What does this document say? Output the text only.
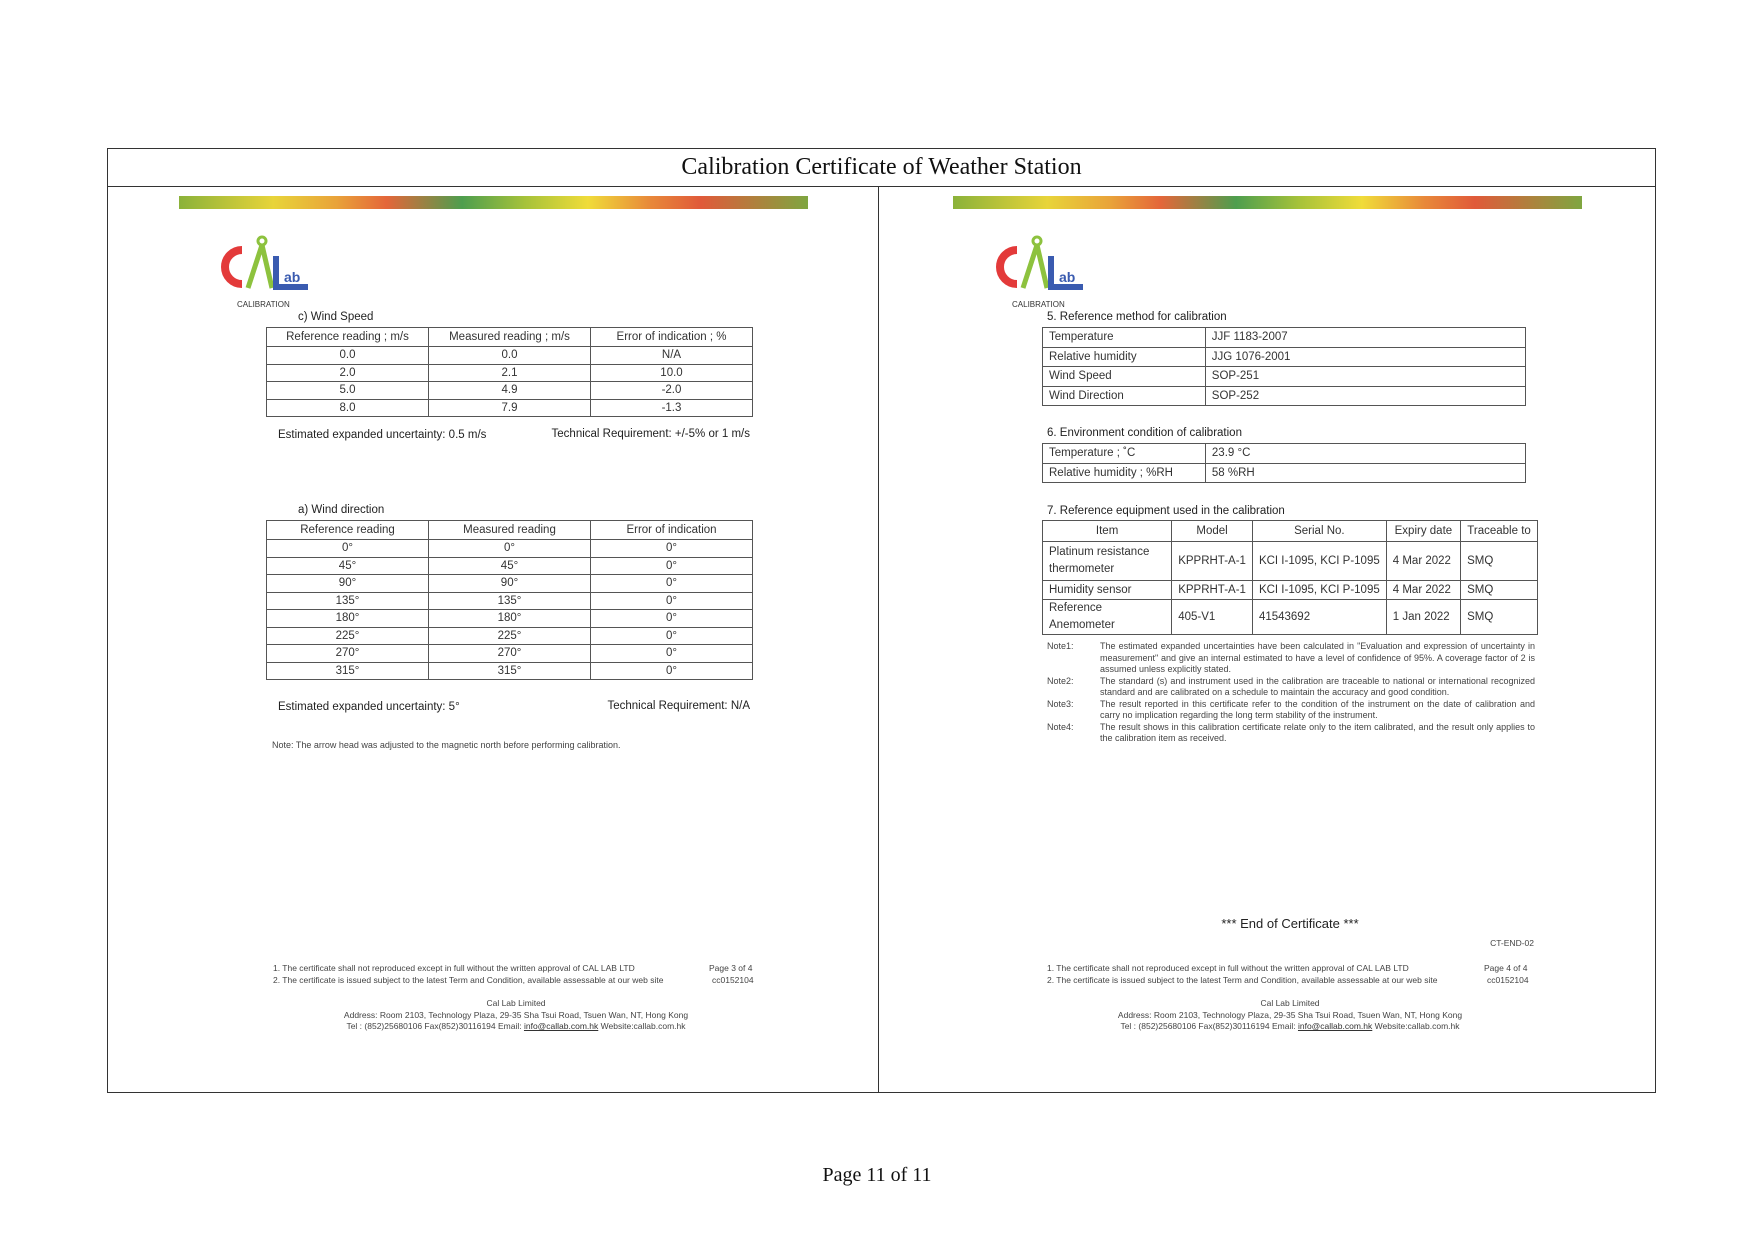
Calibration Certificate of Weather Station
ab
CALIBRATION
c) Wind Speed
Reference reading ; m/s	Measured reading ; m/s	Error of indication ; %
0.0	0.0	N/A
2.0	2.1	10.0
5.0	4.9	-2.0
8.0	7.9	-1.3
Estimated expanded uncertainty: 0.5 m/s	Technical Requirement: +/-5% or 1 m/s
a) Wind direction
Reference reading	Measured reading	Error of indication
0°	0°	0°
45°	45°	0°
90°	90°	0°
135°	135°	0°
180°	180°	0°
225°	225°	0°
270°	270°	0°
315°	315°	0°
Estimated expanded uncertainty: 5°	Technical Requirement: N/A
Note: The arrow head was adjusted to the magnetic north before performing calibration.
1. The certificate shall not reproduced except in full without the written approval of CAL LAB LTD
2. The certificate is issued subject to the latest Term and Condition, available assessable at our web site
Page 3 of 4
cc0152104
Cal Lab Limited
Address: Room 2103, Technology Plaza, 29-35 Sha Tsui Road, Tsuen Wan, NT, Hong Kong
Tel : (852)25680106 Fax(852)30116194 Email: info@callab.com.hk Website:callab.com.hk
ab
CALIBRATION
5. Reference method for calibration
Temperature	JJF 1183-2007
Relative humidity	JJG 1076-2001
Wind Speed	SOP-251
Wind Direction	SOP-252
6. Environment condition of calibration
Temperature ; ˚C	23.9 °C
Relative humidity ; %RH	58 %RH
7. Reference equipment used in the calibration
Item	Model	Serial No.	Expiry date	Traceable to
Platinum resistance thermometer	KPPRHT-A-1	KCI I-1095, KCI P-1095	4 Mar 2022	SMQ
Humidity sensor	KPPRHT-A-1	KCI I-1095, KCI P-1095	4 Mar 2022	SMQ
Reference Anemometer	405-V1	41543692	1 Jan 2022	SMQ
Note1:	The estimated expanded uncertainties have been calculated in "Evaluation and expression of uncertainty in measurement" and give an internal estimated to have a level of confidence of 95%. A coverage factor of 2 is assumed unless explicitly stated.
Note2:	The standard (s) and instrument used in the calibration are traceable to national or international recognized standard and are calibrated on a schedule to maintain the accuracy and good condition.
Note3:	The result reported in this certificate refer to the condition of the instrument on the date of calibration and carry no implication regarding the long term stability of the instrument.
Note4:	The result shows in this calibration certificate relate only to the item calibrated, and the result only applies to the calibration item as received.
*** End of Certificate ***
CT-END-02
1. The certificate shall not reproduced except in full without the written approval of CAL LAB LTD
2. The certificate is issued subject to the latest Term and Condition, available assessable at our web site
Page 4 of 4
cc0152104
Cal Lab Limited
Address: Room 2103, Technology Plaza, 29-35 Sha Tsui Road, Tsuen Wan, NT, Hong Kong
Tel : (852)25680106 Fax(852)30116194 Email: info@callab.com.hk Website:callab.com.hk
Page 11 of 11
